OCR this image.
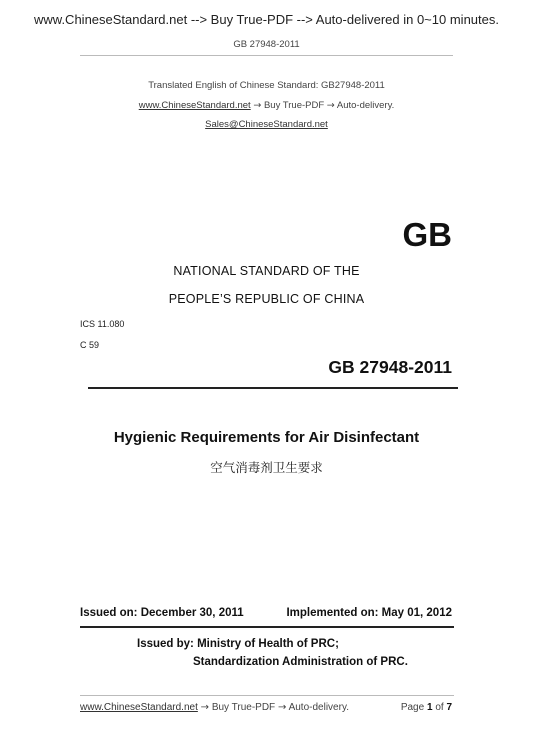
www.ChineseStandard.net --> Buy True-PDF --> Auto-delivered in 0~10 minutes.
GB 27948-2011
Translated English of Chinese Standard: GB27948-2011
www.ChineseStandard.net → Buy True-PDF → Auto-delivery.
Sales@ChineseStandard.net
GB
NATIONAL STANDARD OF THE
PEOPLE’S REPUBLIC OF CHINA
ICS 11.080
C 59
GB 27948-2011
Hygienic Requirements for Air Disinfectant
空气消毒剂卫生要求
Issued on: December 30, 2011	Implemented on: May 01, 2012
Issued by: Ministry of Health of PRC;
Standardization Administration of PRC.
www.ChineseStandard.net → Buy True-PDF → Auto-delivery.	Page 1 of 7
